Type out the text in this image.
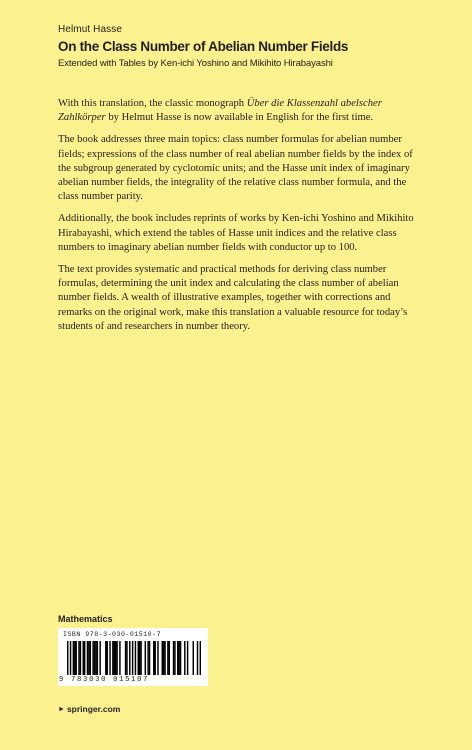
Helmut Hasse
On the Class Number of Abelian Number Fields
Extended with Tables by Ken-ichi Yoshino and Mikihito Hirabayashi

With this translation, the classic monograph Über die Klassenzahl abelscher Zahlkörper by Helmut Hasse is now available in English for the first time.

The book addresses three main topics: class number formulas for abelian number fields; expressions of the class number of real abelian number fields by the index of the subgroup generated by cyclotomic units; and the Hasse unit index of imaginary abelian number fields, the integrality of the relative class number formula, and the class number parity.

Additionally, the book includes reprints of works by Ken-ichi Yoshino and Mikihito Hirabayashi, which extend the tables of Hasse unit indices and the relative class numbers to imaginary abelian number fields with conductor up to 100.

The text provides systematic and practical methods for deriving class number formulas, determining the unit index and calculating the class number of abelian number fields. A wealth of illustrative examples, together with corrections and remarks on the original work, make this translation a valuable resource for today’s students of and researchers in number theory.

Mathematics
ISBN 978-3-030-01510-7
9 783030 015107
► springer.com
